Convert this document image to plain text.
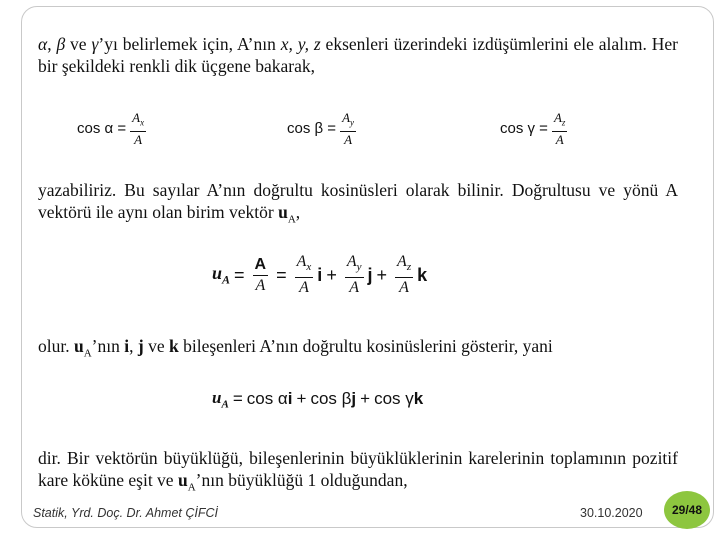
α, β ve γ’yı belirlemek için, A’nın x, y, z eksenleri üzerindeki izdüşümlerini ele alalım. Her bir şekildeki renkli dik üçgene bakarak,

$\cos \alpha = \frac{A_x}{A}$	$\cos \beta = \frac{A_y}{A}$	$\cos \gamma = \frac{A_z}{A}$

yazabiliriz. Bu sayılar A’nın doğrultu kosinüsleri olarak bilinir. Doğrultusu ve yönü A vektörü ile aynı olan birim vektör $u_A$,

$u_A = \frac{A}{A} = \frac{A_x}{A}$ $i + \frac{A_y}{A}$ $j + \frac{A_z}{A}$ k

olur. $u_A’nın$ i, j ve k bileşenleri A’nın doğrultu kosinüslerini gösterir, yani

$u_A = \cos \alpha$ i + cos β j + cos γ k

dir. Bir vektörün büyüklüğü, bileşenlerinin büyüklüklerinin karelerinin toplamının pozitif kare köküne eşit ve $u_A’nın$ büyüklüğü 1 olduğundan,

Statik, Yrd. Doç. Dr. Ahmet ÇİFCİ	30.10.2020 29/48
